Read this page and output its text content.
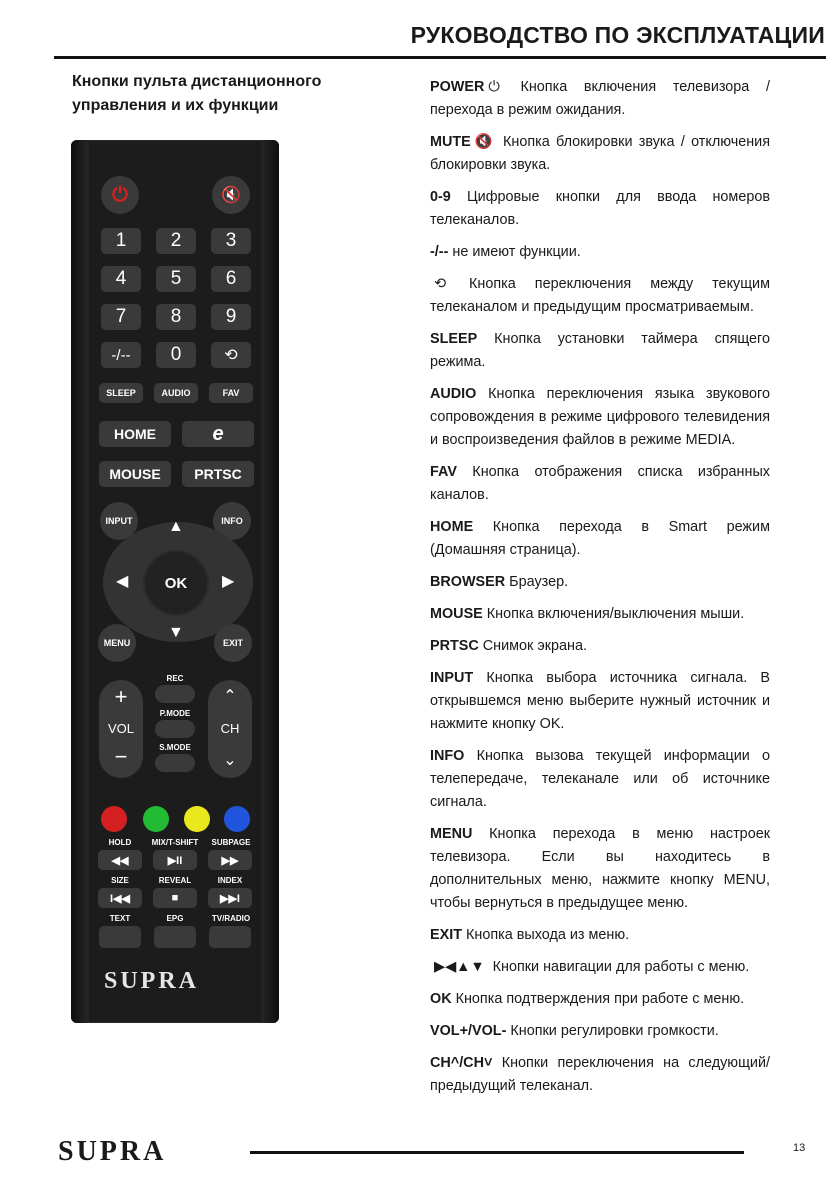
РУКОВОДСТВО ПО ЭКСПЛУАТАЦИИ
Кнопки пульта дистанционного управления и их функции
⏻	🔇
1	2	3
4	5	6
7	8	9
-/--	0	⟲
SLEEP	AUDIO	FAV
HOME	e
MOUSE	PRTSC
INPUT	INFO
OK
▲
▼
◀	▶
MENU	EXIT
+
VOL
−
⌃
CH
⌄
REC
P.MODE
S.MODE
HOLD	MIX/T-SHIFT	SUBPAGE
◀◀	▶II	▶▶
SIZE	REVEAL	INDEX
I◀◀	■	▶▶I
TEXT	EPG	TV/RADIO
SUPRA
POWER ⏻ Кнопка включения телевизора / перехода в режим ожидания.
MUTE 🔇 Кнопка блокировки звука / отключения блокировки звука.
0-9 Цифровые кнопки для ввода номеров телеканалов.
-/-- не имеют функции.
⟲ Кнопка переключения между текущим телеканалом и предыдущим просматриваемым.
SLEEP Кнопка установки таймера спящего режима.
AUDIO Кнопка переключения языка звукового сопровождения в режиме цифрового телевидения и воспроизведения файлов в режиме MEDIA.
FAV Кнопка отображения списка избранных каналов.
HOME Кнопка перехода в Smart режим (Домашняя страница).
BROWSER Браузер.
MOUSE Кнопка включения/выключения мыши.
PRTSC Снимок экрана.
INPUT Кнопка выбора источника сигнала. В открывшемся меню выберите нужный источник и нажмите кнопку OK.
INFO Кнопка вызова текущей информации о телепередаче, телеканале или об источнике сигнала.
MENU Кнопка перехода в меню настроек телевизора. Если вы находитесь в дополнительных меню, нажмите кнопку MENU, чтобы вернуться в предыдущее меню.
EXIT Кнопка выхода из меню.
▶◀▲▼ Кнопки навигации для работы с меню.
OK Кнопка подтверждения при работе с меню.
VOL+/VOL- Кнопки регулировки громкости.
CH^/CH˅ Кнопки переключения на следующий/предыдущий телеканал.
SUPRA	13
